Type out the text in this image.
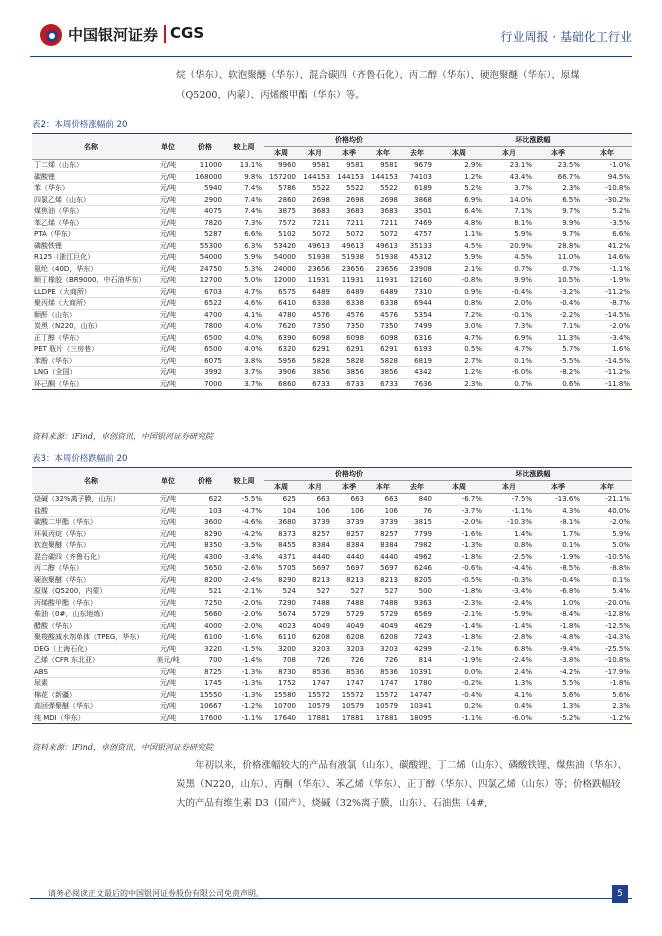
中国银河证券 CGS	行业周报 · 基础化工行业
烷（华东）、软泡聚醚（华东）、混合碳四（齐鲁石化）、丙二醇（华东）、硬泡聚醚（华东）、原煤（Q5200，内蒙）、丙烯酸甲酯（华东）等。
表2：本周价格涨幅前 20
名称	单位	价格	较上周	价格均价					环比涨跌幅			
				本周	本月	本季	本年	去年	本周	本月	本季	本年
丁二烯（山东）	元/吨	11000	13.1%	9960	9581	9581	9581	9679	2.9%	23.1%	23.5%	-1.0%
碳酸锂	元/吨	168000	9.8%	157200	144153	144153	144153	74103	1.2%	43.4%	66.7%	94.5%
苯（华东）	元/吨	5940	7.4%	5786	5522	5522	5522	6189	5.2%	3.7%	2.3%	-10.8%
四氯乙烯（山东）	元/吨	2900	7.4%	2860	2698	2698	2698	3868	6.9%	14.0%	6.5%	-30.2%
煤焦油（华东）	元/吨	4075	7.4%	3875	3683	3683	3683	3501	6.4%	7.1%	9.7%	5.2%
苯乙烯（华东）	元/吨	7820	7.3%	7572	7211	7211	7211	7469	4.8%	8.1%	9.9%	-3.5%
PTA（华东）	元/吨	5287	6.6%	5102	5072	5072	5072	4757	1.1%	5.9%	9.7%	6.6%
磷酸铁锂	元/吨	55300	6.3%	53420	49613	49613	49613	35133	4.5%	20.9%	28.8%	41.2%
R125（浙江巨化）	元/吨	54000	5.9%	54000	51938	51938	51938	45312	5.9%	4.5%	11.0%	14.6%
氨纶（40D，华东）	元/吨	24750	5.3%	24000	23656	23656	23656	23908	2.1%	0.7%	0.7%	-1.1%
顺丁橡胶（BR9000，中石油华东）	元/吨	12700	5.0%	12000	11931	11931	11931	12160	-0.8%	9.9%	10.5%	-1.9%
LLDPE（大商所）	元/吨	6703	4.7%	6575	6489	6489	6489	7310	0.9%	-0.4%	-3.2%	-11.2%
聚丙烯（大商所）	元/吨	6522	4.6%	6410	6338	6338	6338	6944	0.8%	2.0%	-0.4%	-8.7%
顺酐（山东）	元/吨	4700	4.1%	4780	4576	4576	4576	5354	7.2%	-0.1%	-2.2%	-14.5%
炭黑（N220，山东）	元/吨	7800	4.0%	7620	7350	7350	7350	7499	3.0%	7.3%	7.1%	-2.0%
正丁醇（华东）	元/吨	6500	4.0%	6390	6098	6098	6098	6316	4.7%	6.9%	11.3%	-3.4%
PET 瓶片（三房巷）	元/吨	6500	4.0%	6320	6291	6291	6291	6193	0.5%	4.7%	5.7%	1.6%
苯酚（华东）	元/吨	6075	3.8%	5956	5828	5828	5828	6819	2.7%	0.1%	-5.5%	-14.5%
LNG（全国）	元/吨	3992	3.7%	3906	3856	3856	3856	4342	1.2%	-6.0%	-8.2%	-11.2%
环己酮（华东）	元/吨	7000	3.7%	6860	6733	6733	6733	7636	2.3%	0.7%	0.6%	-11.8%
资料来源：iFind，卓创资讯，中国银河证券研究院
表3：本周价格跌幅前 20
名称	单位	价格	较上周	价格均价					环比涨跌幅			
				本周	本月	本季	本年	去年	本周	本月	本季	本年
烧碱（32%离子膜，山东）	元/吨	622	-5.5%	625	663	663	663	840	-6.7%	-7.5%	-13.6%	-21.1%
盐酸	元/吨	103	-4.7%	104	106	106	106	76	-3.7%	-1.1%	4.3%	40.0%
碳酸二甲酯（华东）	元/吨	3600	-4.6%	3680	3739	3739	3739	3815	-2.0%	-10.3%	-8.1%	-2.0%
环氧丙烷（华东）	元/吨	8290	-4.2%	8373	8257	8257	8257	7799	-1.6%	1.4%	1.7%	5.9%
软泡聚醚（华东）	元/吨	8350	-3.5%	8455	8384	8384	8384	7982	-1.3%	0.8%	0.1%	5.0%
混合碳四（齐鲁石化）	元/吨	4300	-3.4%	4371	4440	4440	4440	4962	-1.8%	-2.5%	-1.9%	-10.5%
丙二醇（华东）	元/吨	5650	-2.6%	5705	5697	5697	5697	6246	-0.6%	-4.4%	-8.5%	-8.8%
硬泡聚醚（华东）	元/吨	8200	-2.4%	8290	8213	8213	8213	8205	-0.5%	-0.3%	-0.4%	0.1%
原煤（Q5200，内蒙）	元/吨	521	-2.1%	524	527	527	527	500	-1.8%	-3.4%	-6.8%	5.4%
丙烯酸甲酯（华东）	元/吨	7250	-2.0%	7290	7488	7488	7488	9363	-2.3%	-2.4%	1.0%	-20.0%
柴油（0#，山东地炼）	元/吨	5660	-2.0%	5674	5729	5729	5729	6569	-2.1%	-5.9%	-8.4%	-12.8%
醋酸（华东）	元/吨	4000	-2.0%	4023	4049	4049	4049	4629	-1.4%	-1.4%	-1.8%	-12.5%
聚羧酸减水剂单体（TPEG，华东）	元/吨	6100	-1.6%	6110	6208	6208	6208	7243	-1.8%	-2.8%	-4.8%	-14.3%
DEG（上海石化）	元/吨	3220	-1.5%	3200	3203	3203	3203	4299	-2.1%	6.8%	-9.4%	-25.5%
乙烯（CFR 东北亚）	美元/吨	700	-1.4%	708	726	726	726	814	-1.9%	-2.4%	-3.8%	-10.8%
ABS	元/吨	8725	-1.3%	8730	8536	8536	8536	10391	0.0%	2.4%	-4.2%	-17.9%
尿素	元/吨	1745	-1.3%	1752	1747	1747	1747	1780	-0.2%	1.3%	5.5%	-1.8%
棉花（新疆）	元/吨	15550	-1.3%	15580	15572	15572	15572	14747	-0.4%	4.1%	5.6%	5.6%
高回弹聚醚（华东）	元/吨	10667	-1.2%	10700	10579	10579	10579	10341	0.2%	0.4%	1.3%	2.3%
纯 MDI（华东）	元/吨	17600	-1.1%	17640	17881	17881	17881	18095	-1.1%	-6.0%	-5.2%	-1.2%
资料来源：iFind，卓创资讯，中国银河证券研究院
年初以来，价格涨幅较大的产品有液氯（山东）、碳酸锂、丁二烯（山东）、磷酸铁锂、煤焦油（华东）、炭黑（N220，山东）、丙酮（华东）、苯乙烯（华东）、正丁醇（华东）、四氯乙烯（山东）等；价格跌幅较大的产品有维生素 D3（国产）、烧碱（32%离子膜，山东）、石油焦（4#,
请务必阅读正文最后的中国银河证券股份有限公司免责声明。	5
